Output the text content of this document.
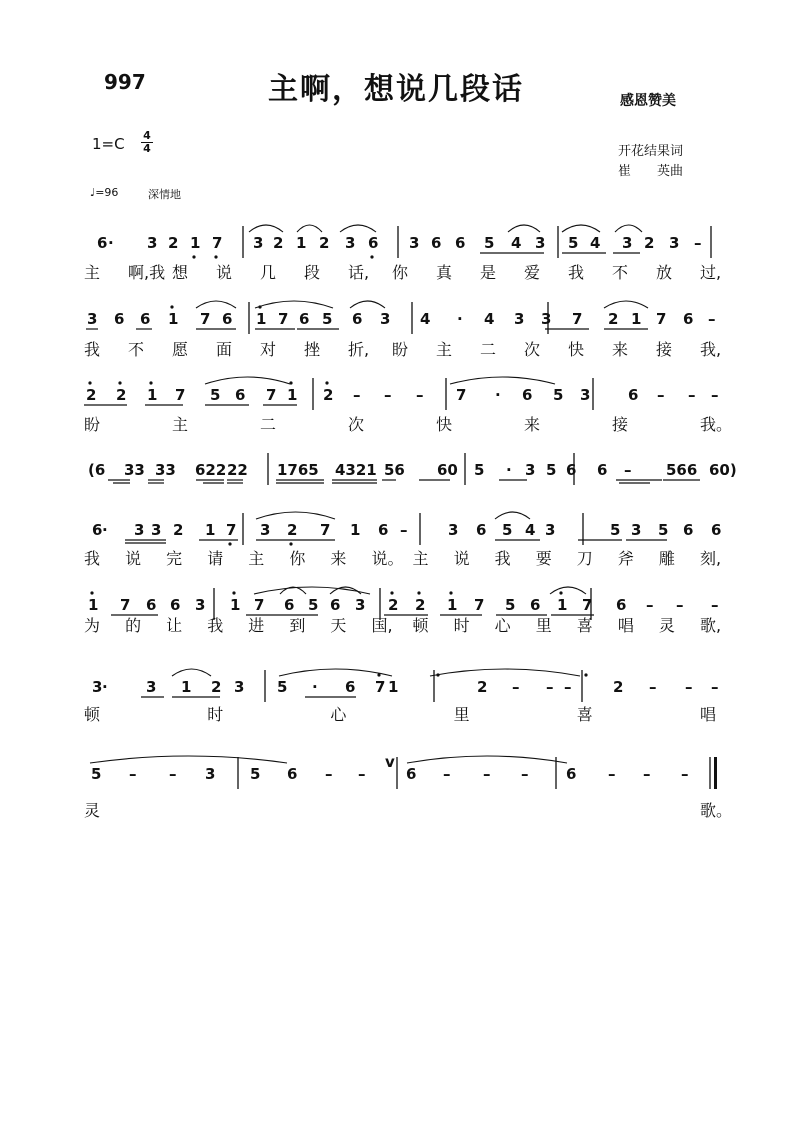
997	主啊，想说几段话	感恩赞美
1=C 4
4	开花结果词
崔　　英曲
♩=96	深情地
6 · 3 2 1 7 3 2 1 2 3 6 3 6 6 5 4 3 5 4 3 2 3 –
主 啊,我 想 说 几 段 话, 你 真 是 爱 我 不 放 过,
3 6 6 1 7 6 1 7 6 5 6 3 4 · 4 3 3 7 2 1 7 6 –
我 不 愿 面 对 挫 折, 盼 主 二 次 快 来 接 我,
2 2 1 7 5 6 7 1 2 – – – 7 · 6 5 3	6 – – –
盼	主	二	次	快	来	接	我。
(6 33 33 622 22 1765 4321 56 60 5 · 3 5 6 6 – 566 60)
6 · 3 3 2 1 7 3 2 7 1 6 –	3 6 5 4 3	5 3 5 6 6
我 说 完 请 主 你 来 说。 主 说 我 要 刀 斧 雕 刻,
1 7 6 6 3 1 7 6 5 6 3 2 2 1 7 5 6 1 7 6 – – –
为 的 让 我 进 到 天 国, 顿 时 心 里 喜 唱 灵 歌,
3 ·	3 1 2 3 5 · 6 7 1	2 – – –	2 – – –
顿	时	心	里	喜	唱
5 – – 3 5 6 – –
v
6 – – –	6 – – –
灵	歌。
